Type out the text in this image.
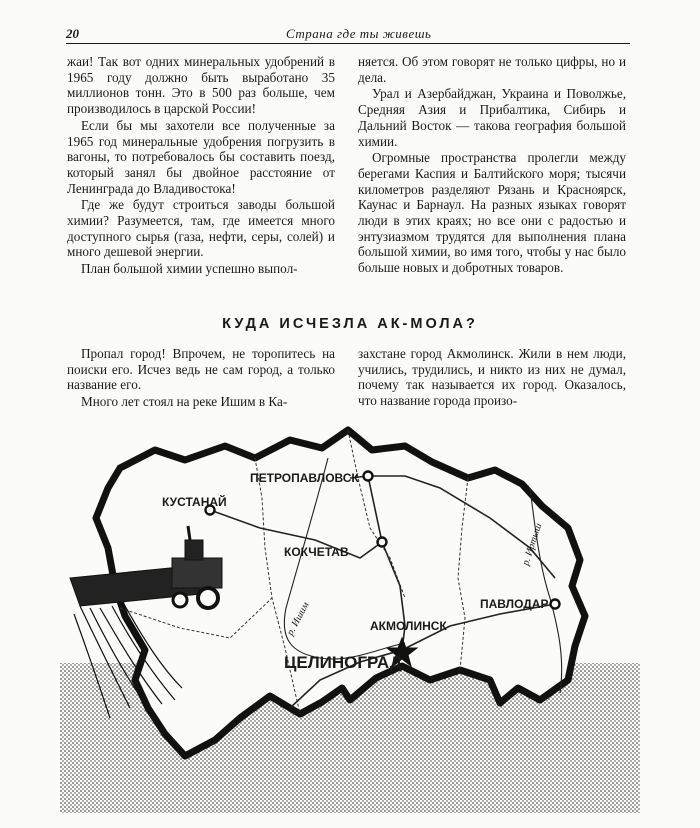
20	Страна где ты живешь

жаи! Так вот одних минеральных удобрений в 1965 году должно быть выработано 35 миллионов тонн. Это в 500 раз больше, чем производилось в царской России!

Если бы мы захотели все полученные за 1965 год минеральные удобрения погрузить в вагоны, то потребовалось бы составить поезд, который занял бы двойное расстояние от Ленинграда до Владивостока!

Где же будут строиться заводы большой химии? Разумеется, там, где имеется много доступного сырья (газа, нефти, серы, солей) и много дешевой энергии.

План большой химии успешно выпол-

няется. Об этом говорят не только цифры, но и дела.

Урал и Азербайджан, Украина и Поволжье, Средняя Азия и Прибалтика, Сибирь и Дальний Восток — такова география большой химии.

Огромные пространства пролегли между берегами Каспия и Балтийского моря; тысячи километров разделяют Рязань и Красноярск, Каунас и Барнаул. На разных языках говорят люди в этих краях; но все они с радостью и энтузиазмом трудятся для выполнения плана большой химии, во имя того, чтобы у нас было больше новых и добротных товаров.

КУДА ИСЧЕЗЛА АК-МОЛА?

Пропал город! Впрочем, не торопитесь на поиски его. Исчез ведь не сам город, а только название его.

Много лет стоял на реке Ишим в Ка-

захстане город Акмолинск. Жили в нем люди, учились, трудились, и никто из них не думал, почему так называется их город. Оказалось, что название города произо-

ПЕТРОПАВЛОВСК
КУСТАНАЙ
КОКЧЕТАВ
ПАВЛОДАР
АКМОЛИНСК
ЦЕЛИНОГРАД
р. Ишим
р. Иртыш
